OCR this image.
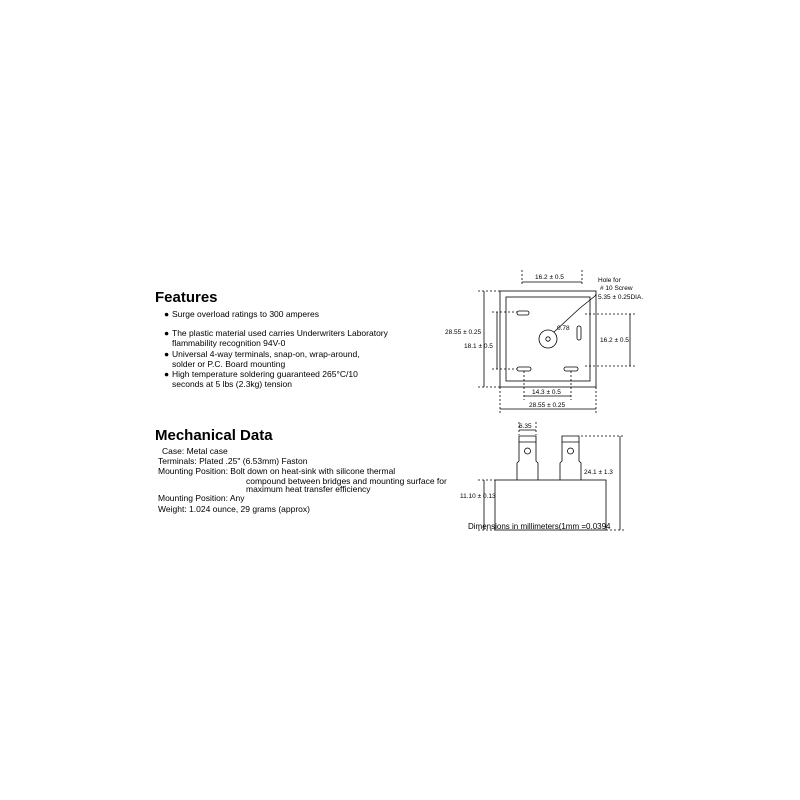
Features
● Surge overload ratings to 300 amperes
● The plastic material used carries Underwriters Laboratory
flammability recognition 94V-0
● Universal 4-way terminals, snap-on, wrap-around,
solder or P.C. Board mounting
● High temperature soldering guaranteed 265°C/10
seconds at 5 lbs (2.3kg) tension
Mechanical Data
Case: Metal case
Terminals: Plated .25" (6.53mm) Faston
Mounting Position: Bolt down on heat-sink with silicone thermal
compound between bridges and mounting surface for
maximum heat transfer efficiency
Mounting Position: Any
Weight: 1.024 ounce, 29 grams (approx)
16.2 ± 0.5	Hole for
# 10 Screw
5.35 ± 0.25DIA.
0.78
16.2 ± 0.5
28.55 ± 0.25
18.1 ± 0.5
14.3 ± 0.5
28.55 ± 0.25
6.35
24.1 ± 1.3
11.10 ± 0.13
Dimensions in millimeters(1mm =0.0394
